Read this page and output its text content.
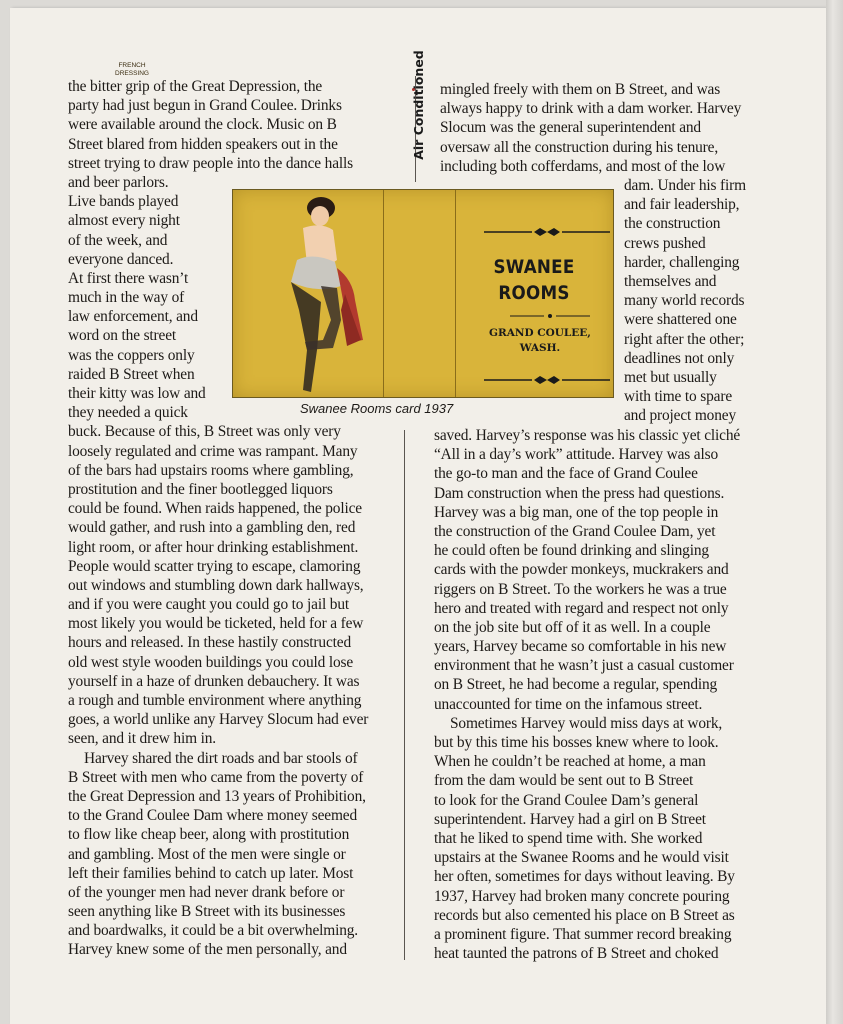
the bitter grip of the Great Depression, the
party had just begun in Grand Coulee. Drinks
were available around the clock. Music on B
Street blared from hidden speakers out in the
street trying to draw people into the dance halls
and beer parlors.
Live bands played
almost every night
of the week, and
everyone danced.
At first there wasn’t
much in the way of
law enforcement, and
word on the street
was the coppers only
raided B Street when
their kitty was low and
they needed a quick
buck. Because of this, B Street was only very
loosely regulated and crime was rampant. Many
of the bars had upstairs rooms where gambling,
prostitution and the finer bootlegged liquors
could be found. When raids happened, the police
would gather, and rush into a gambling den, red
light room, or after hour drinking establishment.
People would scatter trying to escape, clamoring
out windows and stumbling down dark hallways,
and if you were caught you could go to jail but
most likely you would be ticketed, held for a few
hours and released. In these hastily constructed
old west style wooden buildings you could lose
yourself in a haze of drunken debauchery. It was
a rough and tumble environment where anything
goes, a world unlike any Harvey Slocum had ever
seen, and it drew him in.
Harvey shared the dirt roads and bar stools of
B Street with men who came from the poverty of
the Great Depression and 13 years of Prohibition,
to the Grand Coulee Dam where money seemed
to flow like cheap beer, along with prostitution
and gambling. Most of the men were single or
left their families behind to catch up later. Most
of the younger men had never drank before or
seen anything like B Street with its businesses
and boardwalks, it could be a bit overwhelming.
Harvey knew some of the men personally, and
mingled freely with them on B Street, and was
always happy to drink with a dam worker. Harvey
Slocum was the general superintendent and
oversaw all the construction during his tenure,
including both cofferdams, and most of the low
dam. Under his firm
and fair leadership,
the construction
crews pushed
harder, challenging
themselves and
many world records
were shattered one
right after the other;
deadlines not only
met but usually
with time to spare
and project money
saved. Harvey’s response was his classic yet cliché
“All in a day’s work” attitude. Harvey was also
the go-to man and the face of Grand Coulee
Dam construction when the press had questions.
Harvey was a big man, one of the top people in
the construction of the Grand Coulee Dam, yet
he could often be found drinking and slinging
cards with the powder monkeys, muckrakers and
riggers on B Street. To the workers he was a true
hero and treated with regard and respect not only
on the job site but off of it as well. In a couple
years, Harvey became so comfortable in his new
environment that he wasn’t just a casual customer
on B Street, he had become a regular, spending
unaccounted for time on the infamous street.
Sometimes Harvey would miss days at work,
but by this time his bosses knew where to look.
When he couldn’t be reached at home, a man
from the dam would be sent out to B Street
to look for the Grand Coulee Dam’s general
superintendent. Harvey had a girl on B Street
that he liked to spend time with. She worked
upstairs at the Swanee Rooms and he would visit
her often, sometimes for days without leaving. By
1937, Harvey had broken many concrete pouring
records but also cemented his place on B Street as
a prominent figure. That summer record breaking
heat taunted the patrons of B Street and choked
FRENCH DRESSING	Air Conditioned
SWANEE
ROOMS
GRAND COULEE,
WASH.
Swanee Rooms card 1937
